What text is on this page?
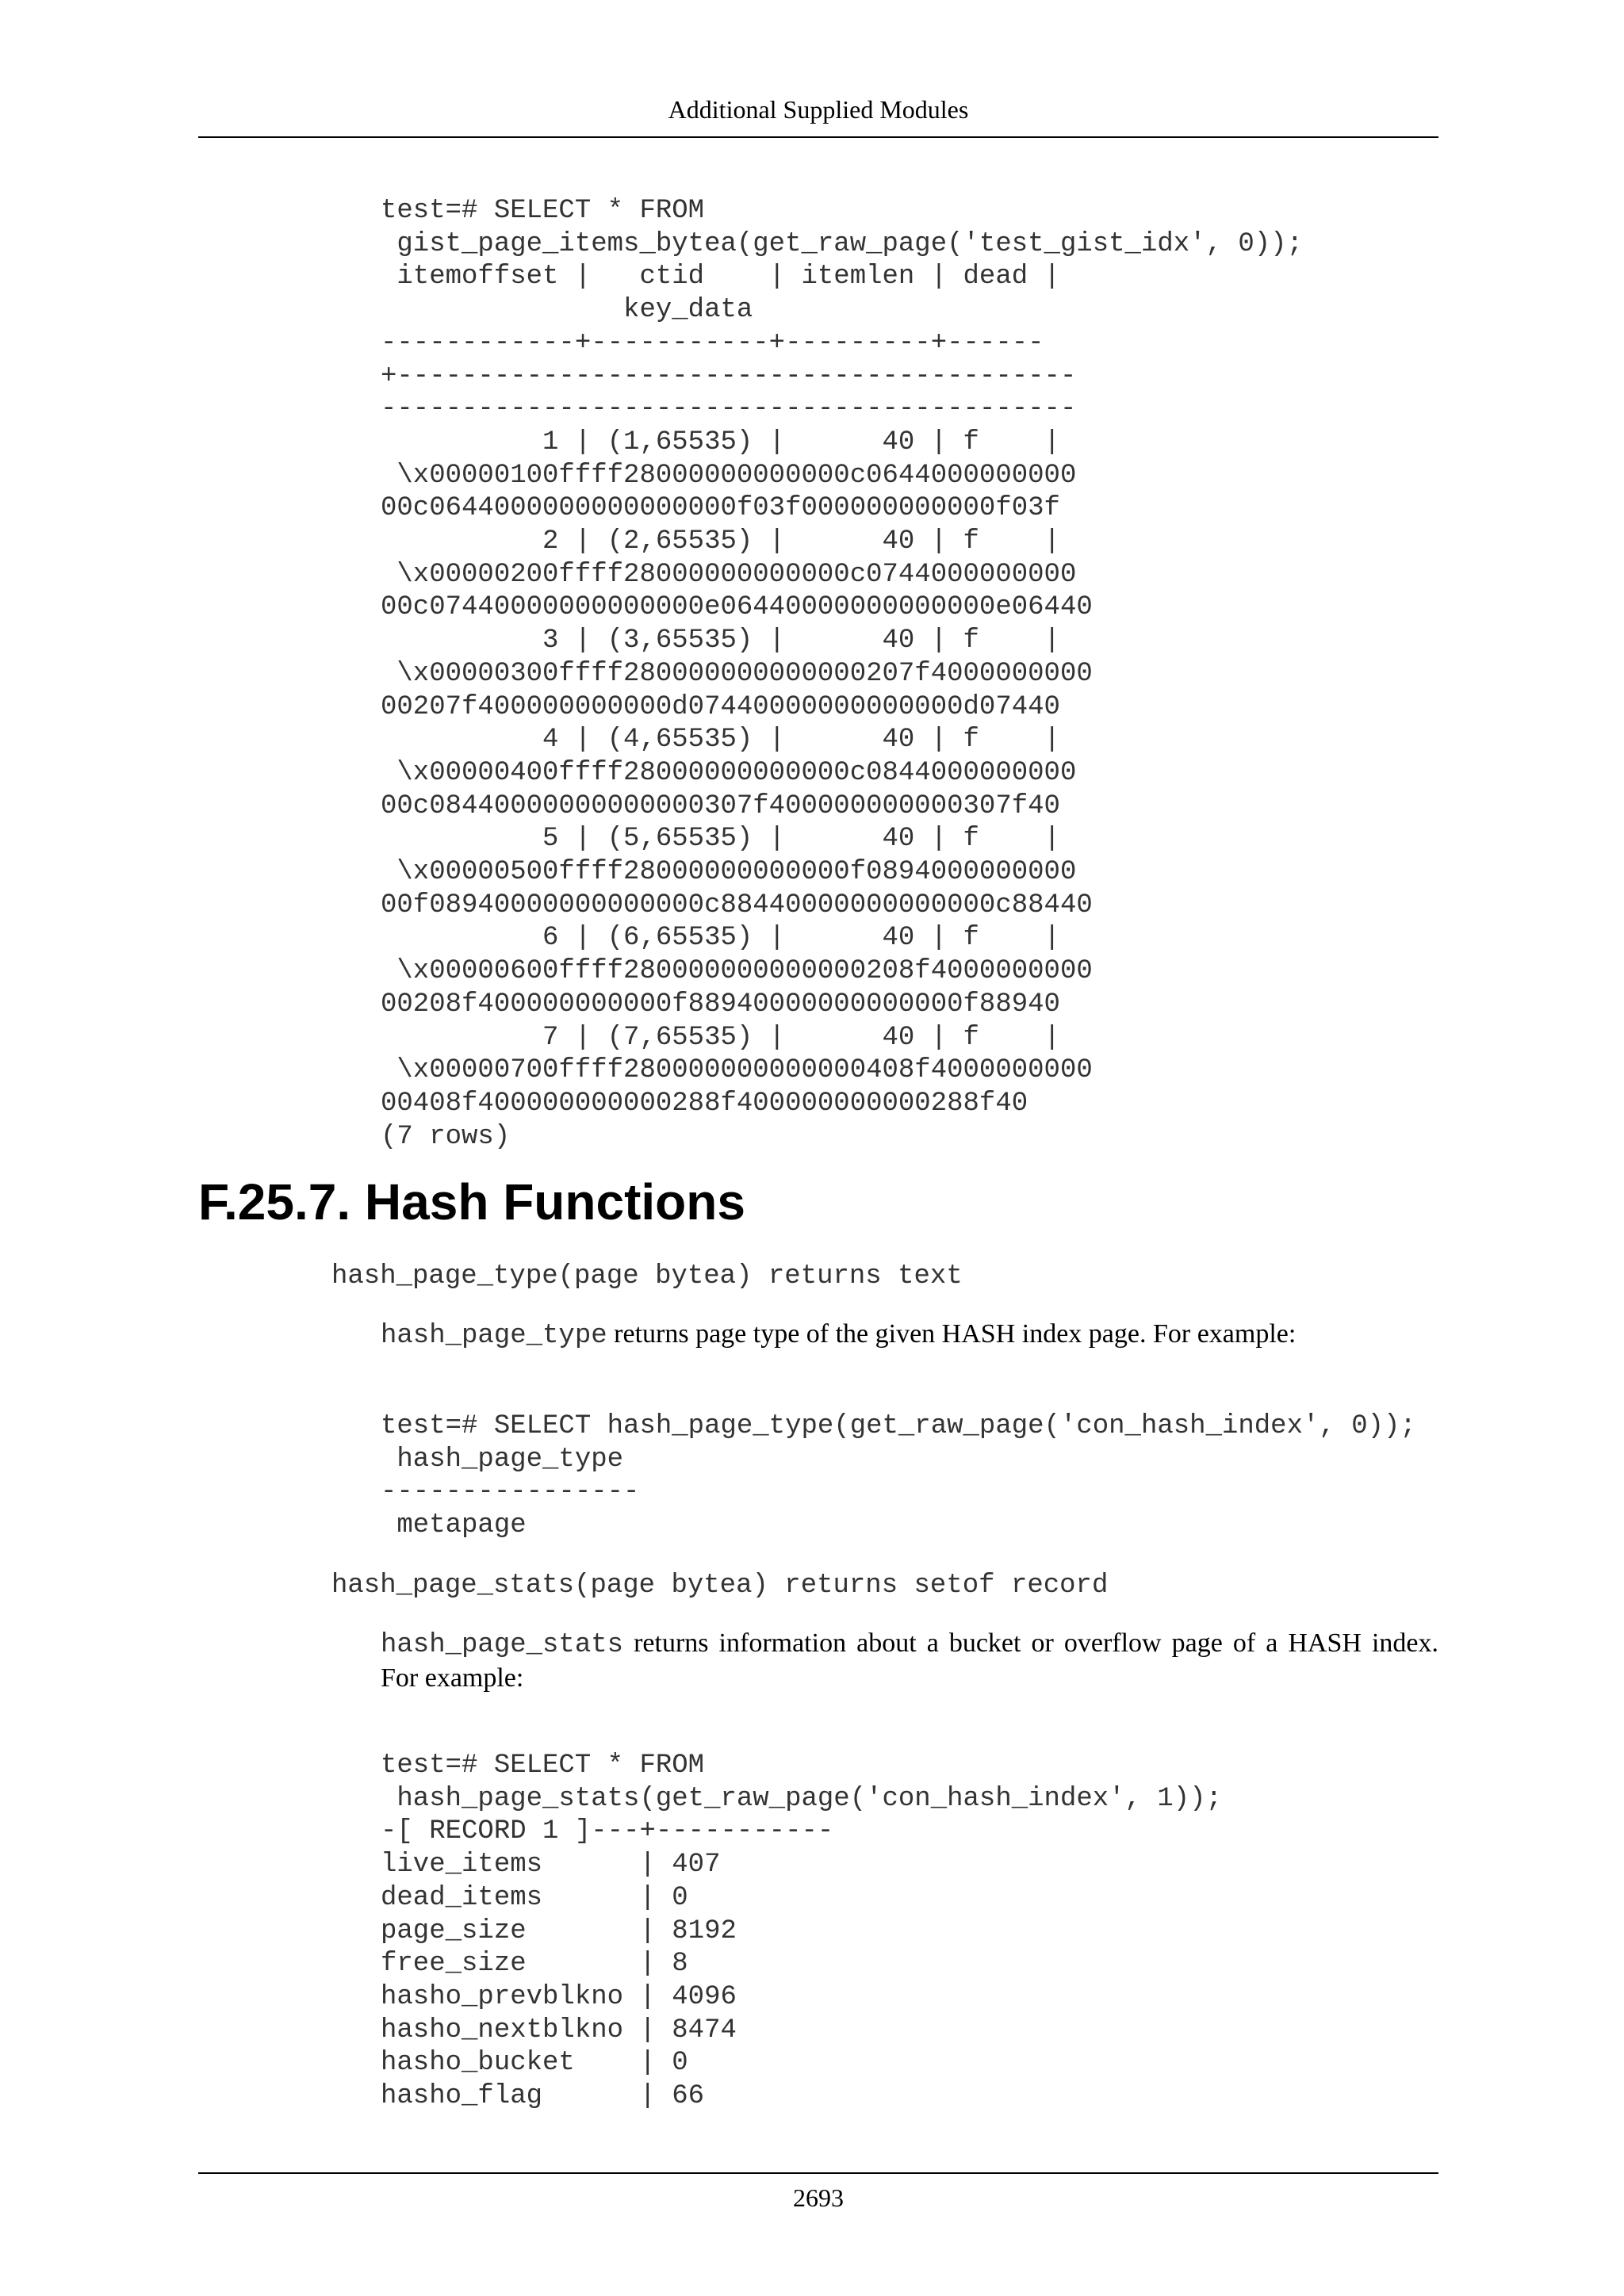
Additional Supplied Modules
test=# SELECT * FROM
gist_page_items_bytea(get_raw_page('test_gist_idx', 0));
itemoffset |   ctid    | itemlen | dead |
key_data
------------+-----------+---------+------
+------------------------------------------
-------------------------------------------
1 | (1,65535) |      40 | f    |
\x00000100ffff28000000000000c0644000000000
00c0644000000000000000f03f000000000000f03f
2 | (2,65535) |      40 | f    |
\x00000200ffff28000000000000c0744000000000
00c07440000000000000e06440000000000000e06440
3 | (3,65535) |      40 | f    |
\x00000300ffff280000000000000207f4000000000
00207f400000000000d07440000000000000d07440
4 | (4,65535) |      40 | f    |
\x00000400ffff28000000000000c0844000000000
00c08440000000000000307f400000000000307f40
5 | (5,65535) |      40 | f    |
\x00000500ffff28000000000000f0894000000000
00f08940000000000000c88440000000000000c88440
6 | (6,65535) |      40 | f    |
\x00000600ffff280000000000000208f4000000000
00208f400000000000f88940000000000000f88940
7 | (7,65535) |      40 | f    |
\x00000700ffff280000000000000408f4000000000
00408f400000000000288f400000000000288f40
(7 rows)
F.25.7. Hash Functions
hash_page_type(page bytea) returns text

hash_page_type returns page type of the given HASH index page. For example:

test=# SELECT hash_page_type(get_raw_page('con_hash_index', 0));
hash_page_type
----------------
metapage
hash_page_stats(page bytea) returns setof record

hash_page_stats returns information about a bucket or overflow page of a HASH index. For example:

test=# SELECT * FROM
hash_page_stats(get_raw_page('con_hash_index', 1));
-[ RECORD 1 ]---+-----------
live_items      | 407
dead_items      | 0
page_size       | 8192
free_size       | 8
hasho_prevblkno | 4096
hasho_nextblkno | 8474
hasho_bucket    | 0
hasho_flag      | 66
2693
